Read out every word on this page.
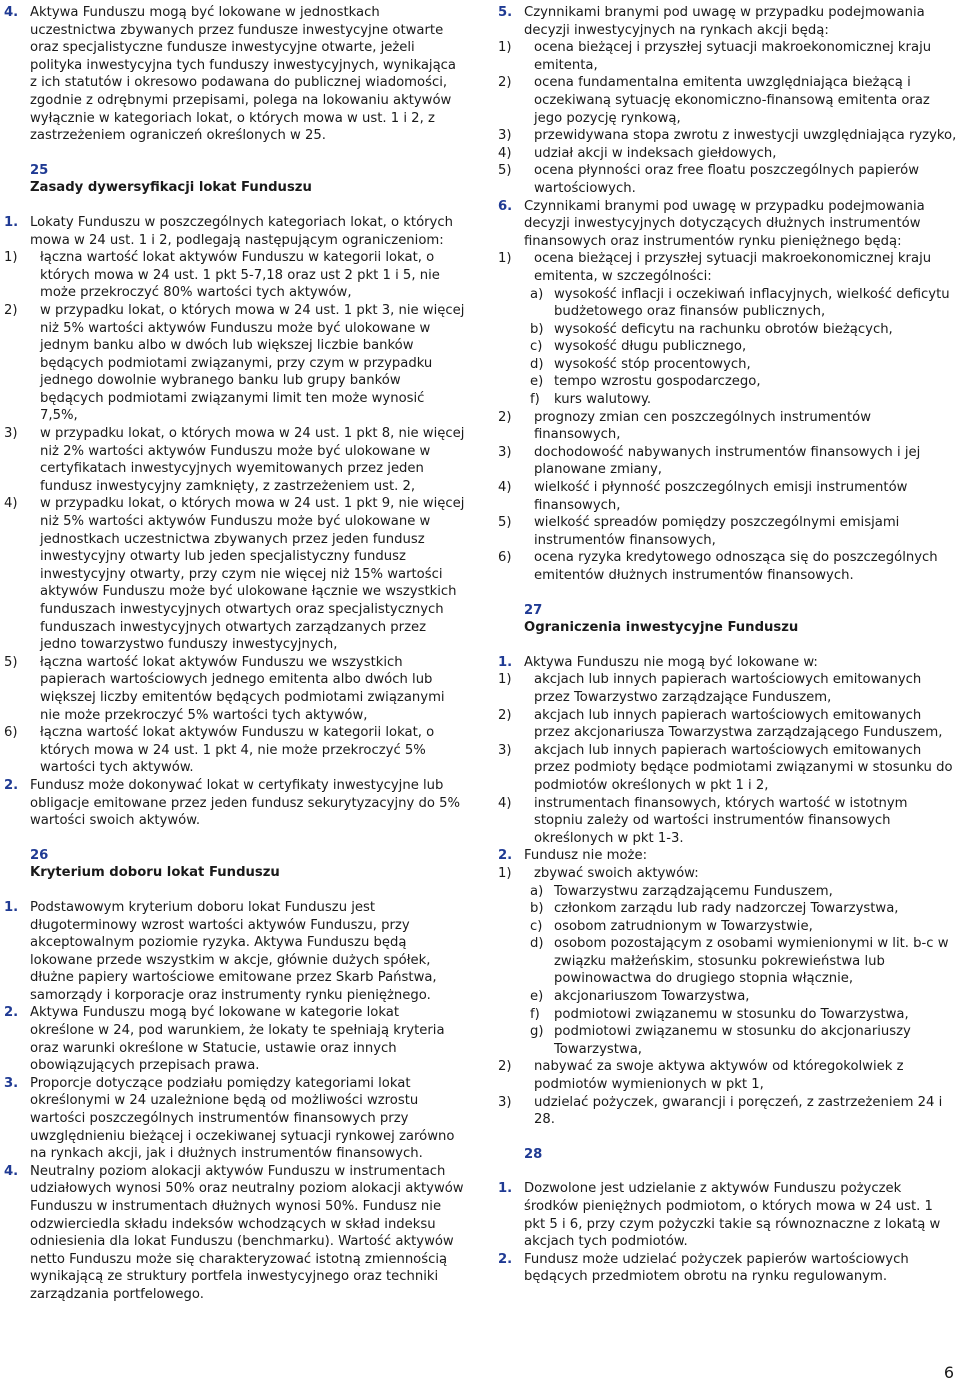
4. Aktywa Funduszu mogą być lokowane w jednostkach uczestnictwa zbywanych przez fundusze inwestycyjne otwarte oraz specjalistyczne fundusze inwestycyjne otwarte, jeżeli polityka inwestycyjna tych funduszy inwestycyjnych, wynikająca z ich statutów i okresowo podawana do publicznej wiadomości, zgodnie z odrębnymi przepisami, polega na lokowaniu aktywów wyłącznie w kategoriach lokat, o których mowa w ust. 1 i 2, z zastrzeżeniem ograniczeń określonych w 25.

25
Zasady dywersyfikacji lokat Funduszu

1. Lokaty Funduszu w poszczególnych kategoriach lokat, o których mowa w 24 ust. 1 i 2, podlegają następującym ograniczeniom:

1) łączna wartość lokat aktywów Funduszu w kategorii lokat, o których mowa w 24 ust. 1 pkt 5-7,18 oraz ust 2 pkt 1 i 5, nie może przekroczyć 80% wartości tych aktywów,

2) w przypadku lokat, o których mowa w 24 ust. 1 pkt 3, nie więcej niż 5% wartości aktywów Funduszu może być ulokowane w jednym banku albo w dwóch lub większej liczbie banków będących podmiotami związanymi, przy czym w przypadku jednego dowolnie wybranego banku lub grupy banków będących podmiotami związanymi limit ten może wynosić 7,5%,

3) w przypadku lokat, o których mowa w 24 ust. 1 pkt 8, nie więcej niż 2% wartości aktywów Funduszu może być ulokowane w certyfikatach inwestycyjnych wyemitowanych przez jeden fundusz inwestycyjny zamknięty, z zastrzeżeniem ust. 2,

4) w przypadku lokat, o których mowa w 24 ust. 1 pkt 9, nie więcej niż 5% wartości aktywów Funduszu może być ulokowane w jednostkach uczestnictwa zbywanych przez jeden fundusz inwestycyjny otwarty lub jeden specjalistyczny fundusz inwestycyjny otwarty, przy czym nie więcej niż 15% wartości aktywów Funduszu może być ulokowane łącznie we wszystkich funduszach inwestycyjnych otwartych oraz specjalistycznych funduszach inwestycyjnych otwartych zarządzanych przez jedno towarzystwo funduszy inwestycyjnych,

5) łączna wartość lokat aktywów Funduszu we wszystkich papierach wartościowych jednego emitenta albo dwóch lub większej liczby emitentów będących podmiotami związanymi nie może przekroczyć 5% wartości tych aktywów,

6) łączna wartość lokat aktywów Funduszu w kategorii lokat, o których mowa w 24 ust. 1 pkt 4, nie może przekroczyć 5% wartości tych aktywów.

2. Fundusz może dokonywać lokat w certyfikaty inwestycyjne lub obligacje emitowane przez jeden fundusz sekurytyzacyjny do 5% wartości swoich aktywów.

26
Kryterium doboru lokat Funduszu

1. Podstawowym kryterium doboru lokat Funduszu jest długoterminowy wzrost wartości aktywów Funduszu, przy akceptowalnym poziomie ryzyka. Aktywa Funduszu będą lokowane przede wszystkim w akcje, głównie dużych spółek, dłużne papiery wartościowe emitowane przez Skarb Państwa, samorządy i korporacje oraz instrumenty rynku pieniężnego.

2. Aktywa Funduszu mogą być lokowane w kategorie lokat określone w 24, pod warunkiem, że lokaty te spełniają kryteria oraz warunki określone w Statucie, ustawie oraz innych obowiązujących przepisach prawa.

3. Proporcje dotyczące podziału pomiędzy kategoriami lokat określonymi w 24 uzależnione będą od możliwości wzrostu wartości poszczególnych instrumentów finansowych przy uwzględnieniu bieżącej i oczekiwanej sytuacji rynkowej zarówno na rynkach akcji, jak i dłużnych instrumentów finansowych.

4. Neutralny poziom alokacji aktywów Funduszu w instrumentach udziałowych wynosi 50% oraz neutralny poziom alokacji aktywów Funduszu w instrumentach dłużnych wynosi 50%. Fundusz nie odzwierciedla składu indeksów wchodzących w skład indeksu odniesienia dla lokat Funduszu (benchmarku). Wartość aktywów netto Funduszu może się charakteryzować istotną zmiennością wynikającą ze struktury portfela inwestycyjnego oraz techniki zarządzania portfelowego.

5. Czynnikami branymi pod uwagę w przypadku podejmowania decyzji inwestycyjnych na rynkach akcji będą:

1) ocena bieżącej i przyszłej sytuacji makroekonomicznej kraju emitenta,

2) ocena fundamentalna emitenta uwzględniająca bieżącą i oczekiwaną sytuację ekonomiczno-finansową emitenta oraz jego pozycję rynkową,

3) przewidywana stopa zwrotu z inwestycji uwzględniająca ryzyko,

4) udział akcji w indeksach giełdowych,

5) ocena płynności oraz free floatu poszczególnych papierów wartościowych.

6. Czynnikami branymi pod uwagę w przypadku podejmowania decyzji inwestycyjnych dotyczących dłużnych instrumentów finansowych oraz instrumentów rynku pieniężnego będą:

1) ocena bieżącej i przyszłej sytuacji makroekonomicznej kraju emitenta, w szczególności:

a) wysokość inflacji i oczekiwań inflacyjnych, wielkość deficytu budżetowego oraz finansów publicznych,

b) wysokość deficytu na rachunku obrotów bieżących,

c) wysokość długu publicznego,

d) wysokość stóp procentowych,

e) tempo wzrostu gospodarczego,

f) kurs walutowy.

2) prognozy zmian cen poszczególnych instrumentów finansowych,

3) dochodowość nabywanych instrumentów finansowych i jej planowane zmiany,

4) wielkość i płynność poszczególnych emisji instrumentów finansowych,

5) wielkość spreadów pomiędzy poszczególnymi emisjami instrumentów finansowych,

6) ocena ryzyka kredytowego odnosząca się do poszczególnych emitentów dłużnych instrumentów finansowych.

27
Ograniczenia inwestycyjne Funduszu

1. Aktywa Funduszu nie mogą być lokowane w:

1) akcjach lub innych papierach wartościowych emitowanych przez Towarzystwo zarządzające Funduszem,

2) akcjach lub innych papierach wartościowych emitowanych przez akcjonariusza Towarzystwa zarządzającego Funduszem,

3) akcjach lub innych papierach wartościowych emitowanych przez podmioty będące podmiotami związanymi w stosunku do podmiotów określonych w pkt 1 i 2,

4) instrumentach finansowych, których wartość w istotnym stopniu zależy od wartości instrumentów finansowych określonych w pkt 1-3.

2. Fundusz nie może:

1) zbywać swoich aktywów:

a) Towarzystwu zarządzającemu Funduszem,

b) członkom zarządu lub rady nadzorczej Towarzystwa,

c) osobom zatrudnionym w Towarzystwie,

d) osobom pozostającym z osobami wymienionymi w lit. b-c w związku małżeńskim, stosunku pokrewieństwa lub powinowactwa do drugiego stopnia włącznie,

e) akcjonariuszom Towarzystwa,

f) podmiotowi związanemu w stosunku do Towarzystwa,

g) podmiotowi związanemu w stosunku do akcjonariuszy Towarzystwa,

2) nabywać za swoje aktywa aktywów od któregokolwiek z podmiotów wymienionych w pkt 1,

3) udzielać pożyczek, gwarancji i poręczeń, z zastrzeżeniem 24 i 28.

28

1. Dozwolone jest udzielanie z aktywów Funduszu pożyczek środków pieniężnych podmiotom, o których mowa w 24 ust. 1 pkt 5 i 6, przy czym pożyczki takie są równoznaczne z lokatą w akcjach tych podmiotów.

2. Fundusz może udzielać pożyczek papierów wartościowych będących przedmiotem obrotu na rynku regulowanym.

6
